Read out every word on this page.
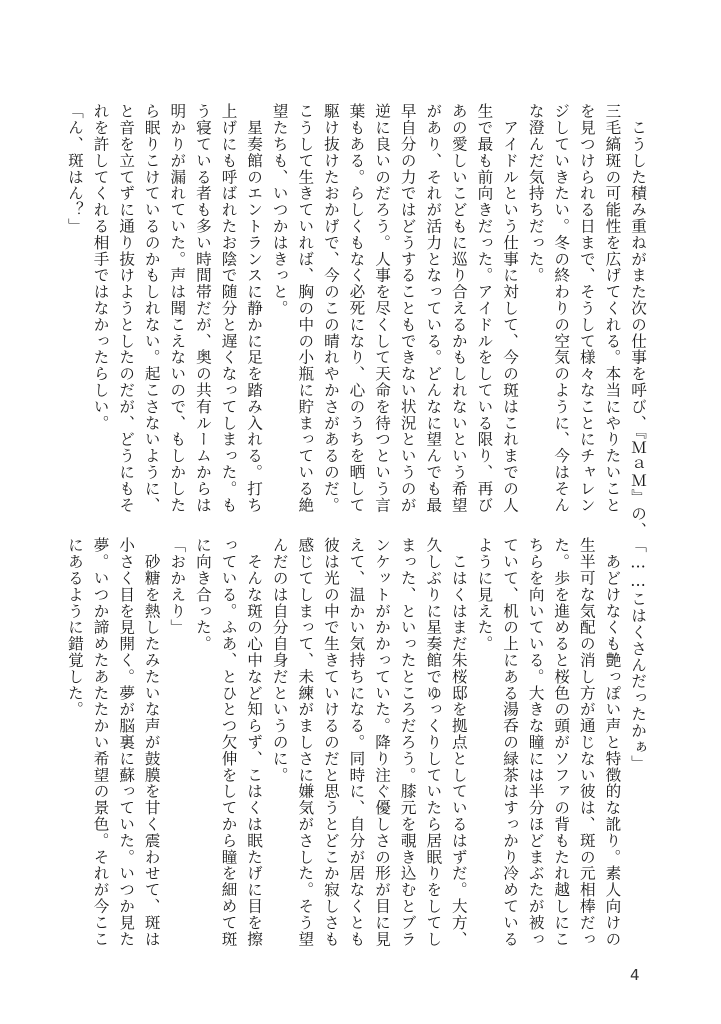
　こうした積み重ねがまた次の仕事を呼び、『ＭａＭ』の、

三毛縞斑の可能性を広げてくれる。本当にやりたいこと

を見つけられる日まで、そうして様々なことにチャレン

ジしていきたい。冬の終わりの空気のように、今はそん

な澄んだ気持ちだった。

　アイドルという仕事に対して、今の斑はこれまでの人

生で最も前向きだった。アイドルをしている限り、再び

あの愛しいこどもに巡り合えるかもしれないという希望

があり、それが活力となっている。どんなに望んでも最

早自分の力ではどうすることもできない状況というのが

逆に良いのだろう。人事を尽くして天命を待つという言

葉もある。らしくもなく必死になり、心のうちを晒して

駆け抜けたおかげで、今のこの晴れやかさがあるのだ。

こうして生きていれば、胸の中の小瓶に貯まっている絶

望たちも、いつかはきっと。

　星奏館のエントランスに静かに足を踏み入れる。打ち

上げにも呼ばれたお陰で随分と遅くなってしまった。も

う寝ている者も多い時間帯だが、奥の共有ルームからは

明かりが漏れていた。声は聞こえないので、もしかした

ら眠りこけているのかもしれない。起こさないように、

と音を立てずに通り抜けようとしたのだが、どうにもそ

れを許してくれる相手ではなかったらしい。

「ん、斑はん？」

「……こはくさんだったかぁ」

　あどけなくも艶っぽい声と特徴的な訛り。素人向けの

生半可な気配の消し方が通じない彼は、斑の元相棒だっ

た。歩を進めると桜色の頭がソファの背もたれ越しにこ

ちらを向いている。大きな瞳には半分ほどまぶたが被っ

ていて、机の上にある湯呑の緑茶はすっかり冷めている

ように見えた。

　こはくはまだ朱桜邸を拠点としているはずだ。大方、

久しぶりに星奏館でゆっくりしていたら居眠りをしてし

まった、といったところだろう。膝元を覗き込むとブラ

ンケットがかかっていた。降り注ぐ優しさの形が目に見

えて、温かい気持ちになる。同時に、自分が居なくとも

彼は光の中で生きていけるのだと思うとどこか寂しさも

感じてしまって、未練がましさに嫌気がさした。そう望

んだのは自分自身だというのに。

　そんな斑の心中など知らず、こはくは眠たげに目を擦

っている。ふあ、とひとつ欠伸をしてから瞳を細めて斑

に向き合った。

「おかえり」

　砂糖を熱したみたいな声が鼓膜を甘く震わせて、斑は

小さく目を見開く。夢が脳裏に蘇っていた。いつか見た

夢。いつか諦めたあたたかい希望の景色。それが今ここ

にあるように錯覚した。

4
